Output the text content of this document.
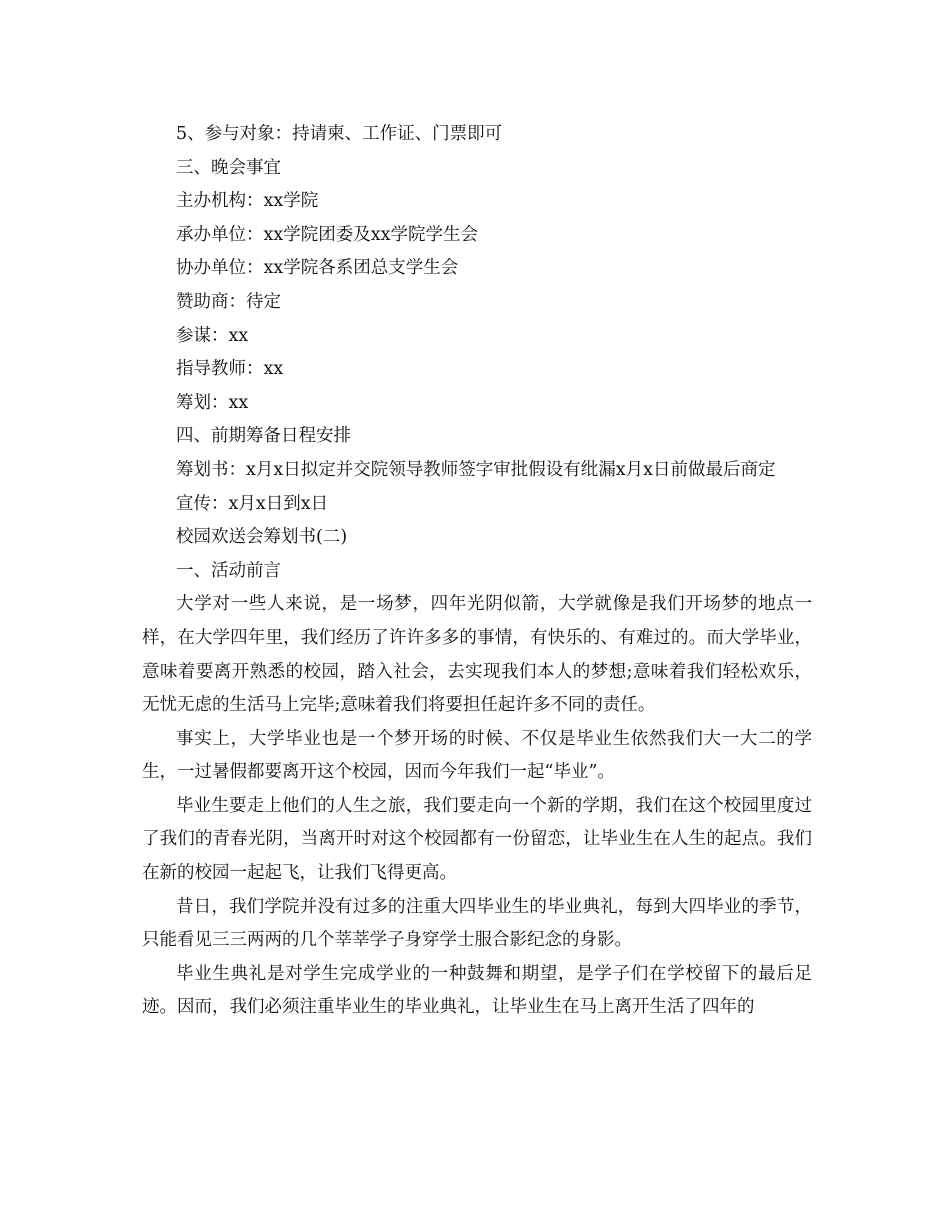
5、参与对象：持请柬、工作证、门票即可

三、晚会事宜

主办机构：xx学院

承办单位：xx学院团委及xx学院学生会

协办单位：xx学院各系团总支学生会

赞助商：待定

参谋：xx

指导教师：xx

筹划：xx

四、前期筹备日程安排

筹划书：x月x日拟定并交院领导教师签字审批假设有纰漏x月x日前做最后商定

宣传：x月x日到x日

校园欢送会筹划书(二)

一、活动前言

大学对一些人来说，是一场梦，四年光阴似箭，大学就像是我们开场梦的地点一样，在大学四年里，我们经历了许许多多的事情，有快乐的、有难过的。而大学毕业，意味着要离开熟悉的校园，踏入社会，去实现我们本人的梦想;意味着我们轻松欢乐，无忧无虑的生活马上完毕;意味着我们将要担任起许多不同的责任。

事实上，大学毕业也是一个梦开场的时候、不仅是毕业生依然我们大一大二的学生，一过暑假都要离开这个校园，因而今年我们一起“毕业”。

毕业生要走上他们的人生之旅，我们要走向一个新的学期，我们在这个校园里度过了我们的青春光阴，当离开时对这个校园都有一份留恋，让毕业生在人生的起点。我们在新的校园一起起飞，让我们飞得更高。

昔日，我们学院并没有过多的注重大四毕业生的毕业典礼，每到大四毕业的季节，只能看见三三两两的几个莘莘学子身穿学士服合影纪念的身影。

毕业生典礼是对学生完成学业的一种鼓舞和期望，是学子们在学校留下的最后足迹。因而，我们必须注重毕业生的毕业典礼，让毕业生在马上离开生活了四年的
